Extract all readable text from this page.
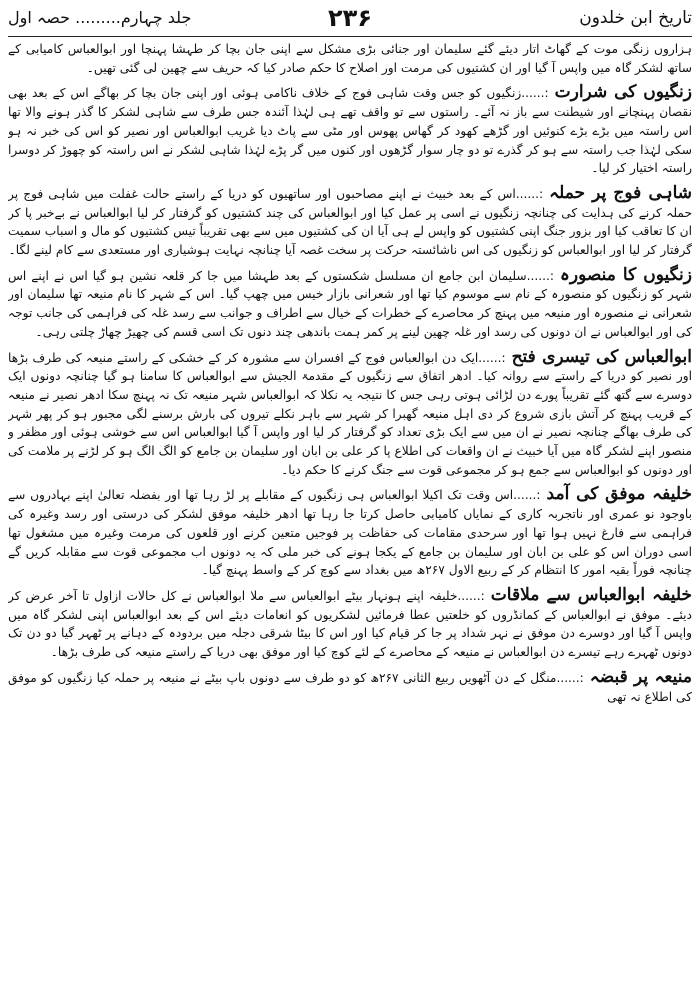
تاریخ ابن خلدون
۲۳۶
جلد چہارم......... حصہ اول

ہزاروں زنگی موت کے گھاٹ اتار دیئے گئے سلیمان اور جنائی بڑی مشکل سے اپنی جان بچا کر طہشا پہنچا اور ابوالعباس کامیابی کے ساتھ لشکر گاہ میں واپس آ گیا اور ان کشتیوں کی مرمت اور اصلاح کا حکم صادر کیا کہ حریف سے چھین لی گئی تھیں۔

زنگیوں کی شرارت:......زنگیوں کو جس وقت شاہی فوج کے خلاف ناکامی ہوئی اور اپنی جان بچا کر بھاگے اس کے بعد بھی نقصان پہنچانے اور شیطنت سے باز نہ آئے۔ راستوں سے تو واقف تھے ہی لہٰذا آئندہ جس طرف سے شاہی لشکر کا گذر ہونے والا تھا اس راستہ میں بڑے بڑے کنوئیں اور گڑھے کھود کر گھاس پھوس اور مٹی سے پاٹ دیا غریب ابوالعباس اور نصیر کو اس کی خبر نہ ہو سکی لہٰذا جب راستہ سے ہو کر گذرے تو دو چار سوار گڑھوں اور کنوں میں گر پڑے لہٰذا شاہی لشکر نے اس راستہ کو چھوڑ کر دوسرا راستہ اختیار کر لیا۔

شاہی فوج پر حملہ:......اس کے بعد خبیث نے اپنے مصاحبوں اور ساتھیوں کو دریا کے راستے حالت غفلت میں شاہی فوج پر حملہ کرنے کی ہدایت کی چنانچہ زنگیوں نے اسی پر عمل کیا اور ابوالعباس کی چند کشتیوں کو گرفتار کر لیا ابوالعباس نے بےخبر پا کر ان کا تعاقب کیا اور بزور جنگ اپنی کشتیوں کو واپس لے ہی آیا ان کی کشتیوں میں سے بھی تقریباً تیس کشتیوں کو مال و اسباب سمیت گرفتار کر لیا اور ابوالعباس کو زنگیوں کی اس ناشائستہ حرکت پر سخت غصہ آیا چنانچہ نہایت ہوشیاری اور مستعدی سے کام لینے لگا۔

زنگیوں کا منصورہ:......سلیمان ابن جامع ان مسلسل شکستوں کے بعد طہشا میں جا کر قلعہ نشین ہو گیا اس نے اپنے اس شہر کو زنگیوں کو منصورہ کے نام سے موسوم کیا تھا اور شعرانی بازار خیس میں چھپ گیا۔ اس کے شہر کا نام منیعہ تھا سلیمان اور شعرانی نے منصورہ اور منیعہ میں پہنچ کر محاصرے کے خطرات کے خیال سے اطراف و جوانب سے رسد غلہ کی فراہمی کی جانب توجہ کی اور ابوالعباس نے ان دونوں کی رسد اور غلہ چھین لینے پر کمر ہمت باندھی چند دنوں تک اسی قسم کی چھیڑ چھاڑ چلتی رہی۔

ابوالعباس کی تیسری فتح:......ایک دن ابوالعباس فوج کے افسران سے مشورہ کر کے خشکی کے راستے منیعہ کی طرف بڑھا اور نصیر کو دریا کے راستے سے روانہ کیا۔ ادھر اتفاق سے زنگیوں کے مقدمۃ الجیش سے ابوالعباس کا سامنا ہو گیا چنانچہ دونوں ایک دوسرے سے گتھ گئے تقریباً پورے دن لڑائی ہوتی رہی جس کا نتیجہ یہ نکلا کہ ابوالعباس شہر منیعہ تک نہ پہنچ سکا ادھر نصیر نے منیعہ کے قریب پہنچ کر آتش بازی شروع کر دی اہل منیعہ گھبرا کر شہر سے باہر نکلے تیروں کی بارش برسنے لگی مجبور ہو کر پھر شہر کی طرف بھاگے چنانچہ نصیر نے ان میں سے ایک بڑی تعداد کو گرفتار کر لیا اور واپس آ گیا ابوالعباس اس سے خوشی ہوئی اور مظفر و منصور اپنے لشکر گاہ میں آیا خبیث نے ان واقعات کی اطلاع پا کر علی بن ابان اور سلیمان بن جامع کو الگ الگ ہو کر لڑنے پر ملامت کی اور دونوں کو ابوالعباس سے جمع ہو کر مجموعی قوت سے جنگ کرنے کا حکم دیا۔

خلیفہ موفق کی آمد:......اس وقت تک اکیلا ابوالعباس ہی زنگیوں کے مقابلے پر لڑ رہا تھا اور بفضلہ تعالیٰ اپنے بہادروں سے باوجود نو عمری اور ناتجربہ کاری کے نمایاں کامیابی حاصل کرتا جا رہا تھا ادھر خلیفہ موفق لشکر کی درستی اور رسد وغیرہ کی فراہمی سے فارغ نہیں ہوا تھا اور سرحدی مقامات کی حفاظت پر فوجیں متعین کرنے اور قلعوں کی مرمت وغیرہ میں مشغول تھا اسی دوران اس کو علی بن ابان اور سلیمان بن جامع کے یکجا ہونے کی خبر ملی کہ یہ دونوں اب مجموعی قوت سے مقابلہ کریں گے چنانچہ فوراً بقیہ امور کا انتظام کر کے ربیع الاول ۲۶۷ھ میں بغداد سے کوچ کر کے واسط پہنچ گیا۔

خلیفہ ابوالعباس سے ملاقات:......خلیفہ اپنے ہونہار بیٹے ابوالعباس سے ملا ابوالعباس نے کل حالات ازاول تا آخر عرض کر دیئے۔ موفق نے ابوالعباس کے کمانڈروں کو خلعتیں عطا فرمائیں لشکریوں کو انعامات دیئے اس کے بعد ابوالعباس اپنی لشکر گاہ میں واپس آ گیا اور دوسرے دن موفق نے نہر شداد پر جا کر قیام کیا اور اس کا بیٹا شرقی دجلہ میں بردودہ کے دہانے پر ٹھہر گیا دو دن تک دونوں ٹھہرے رہے تیسرے دن ابوالعباس نے منیعہ کے محاصرے کے لئے کوچ کیا اور موفق بھی دریا کے راستے منیعہ کی طرف بڑھا۔

منیعہ پر قبضہ:......منگل کے دن آٹھویں ربیع الثانی ۲۶۷ھ کو دو طرف سے دونوں باپ بیٹے نے منیعہ پر حملہ کیا زنگیوں کو موفق کی اطلاع نہ تھی
